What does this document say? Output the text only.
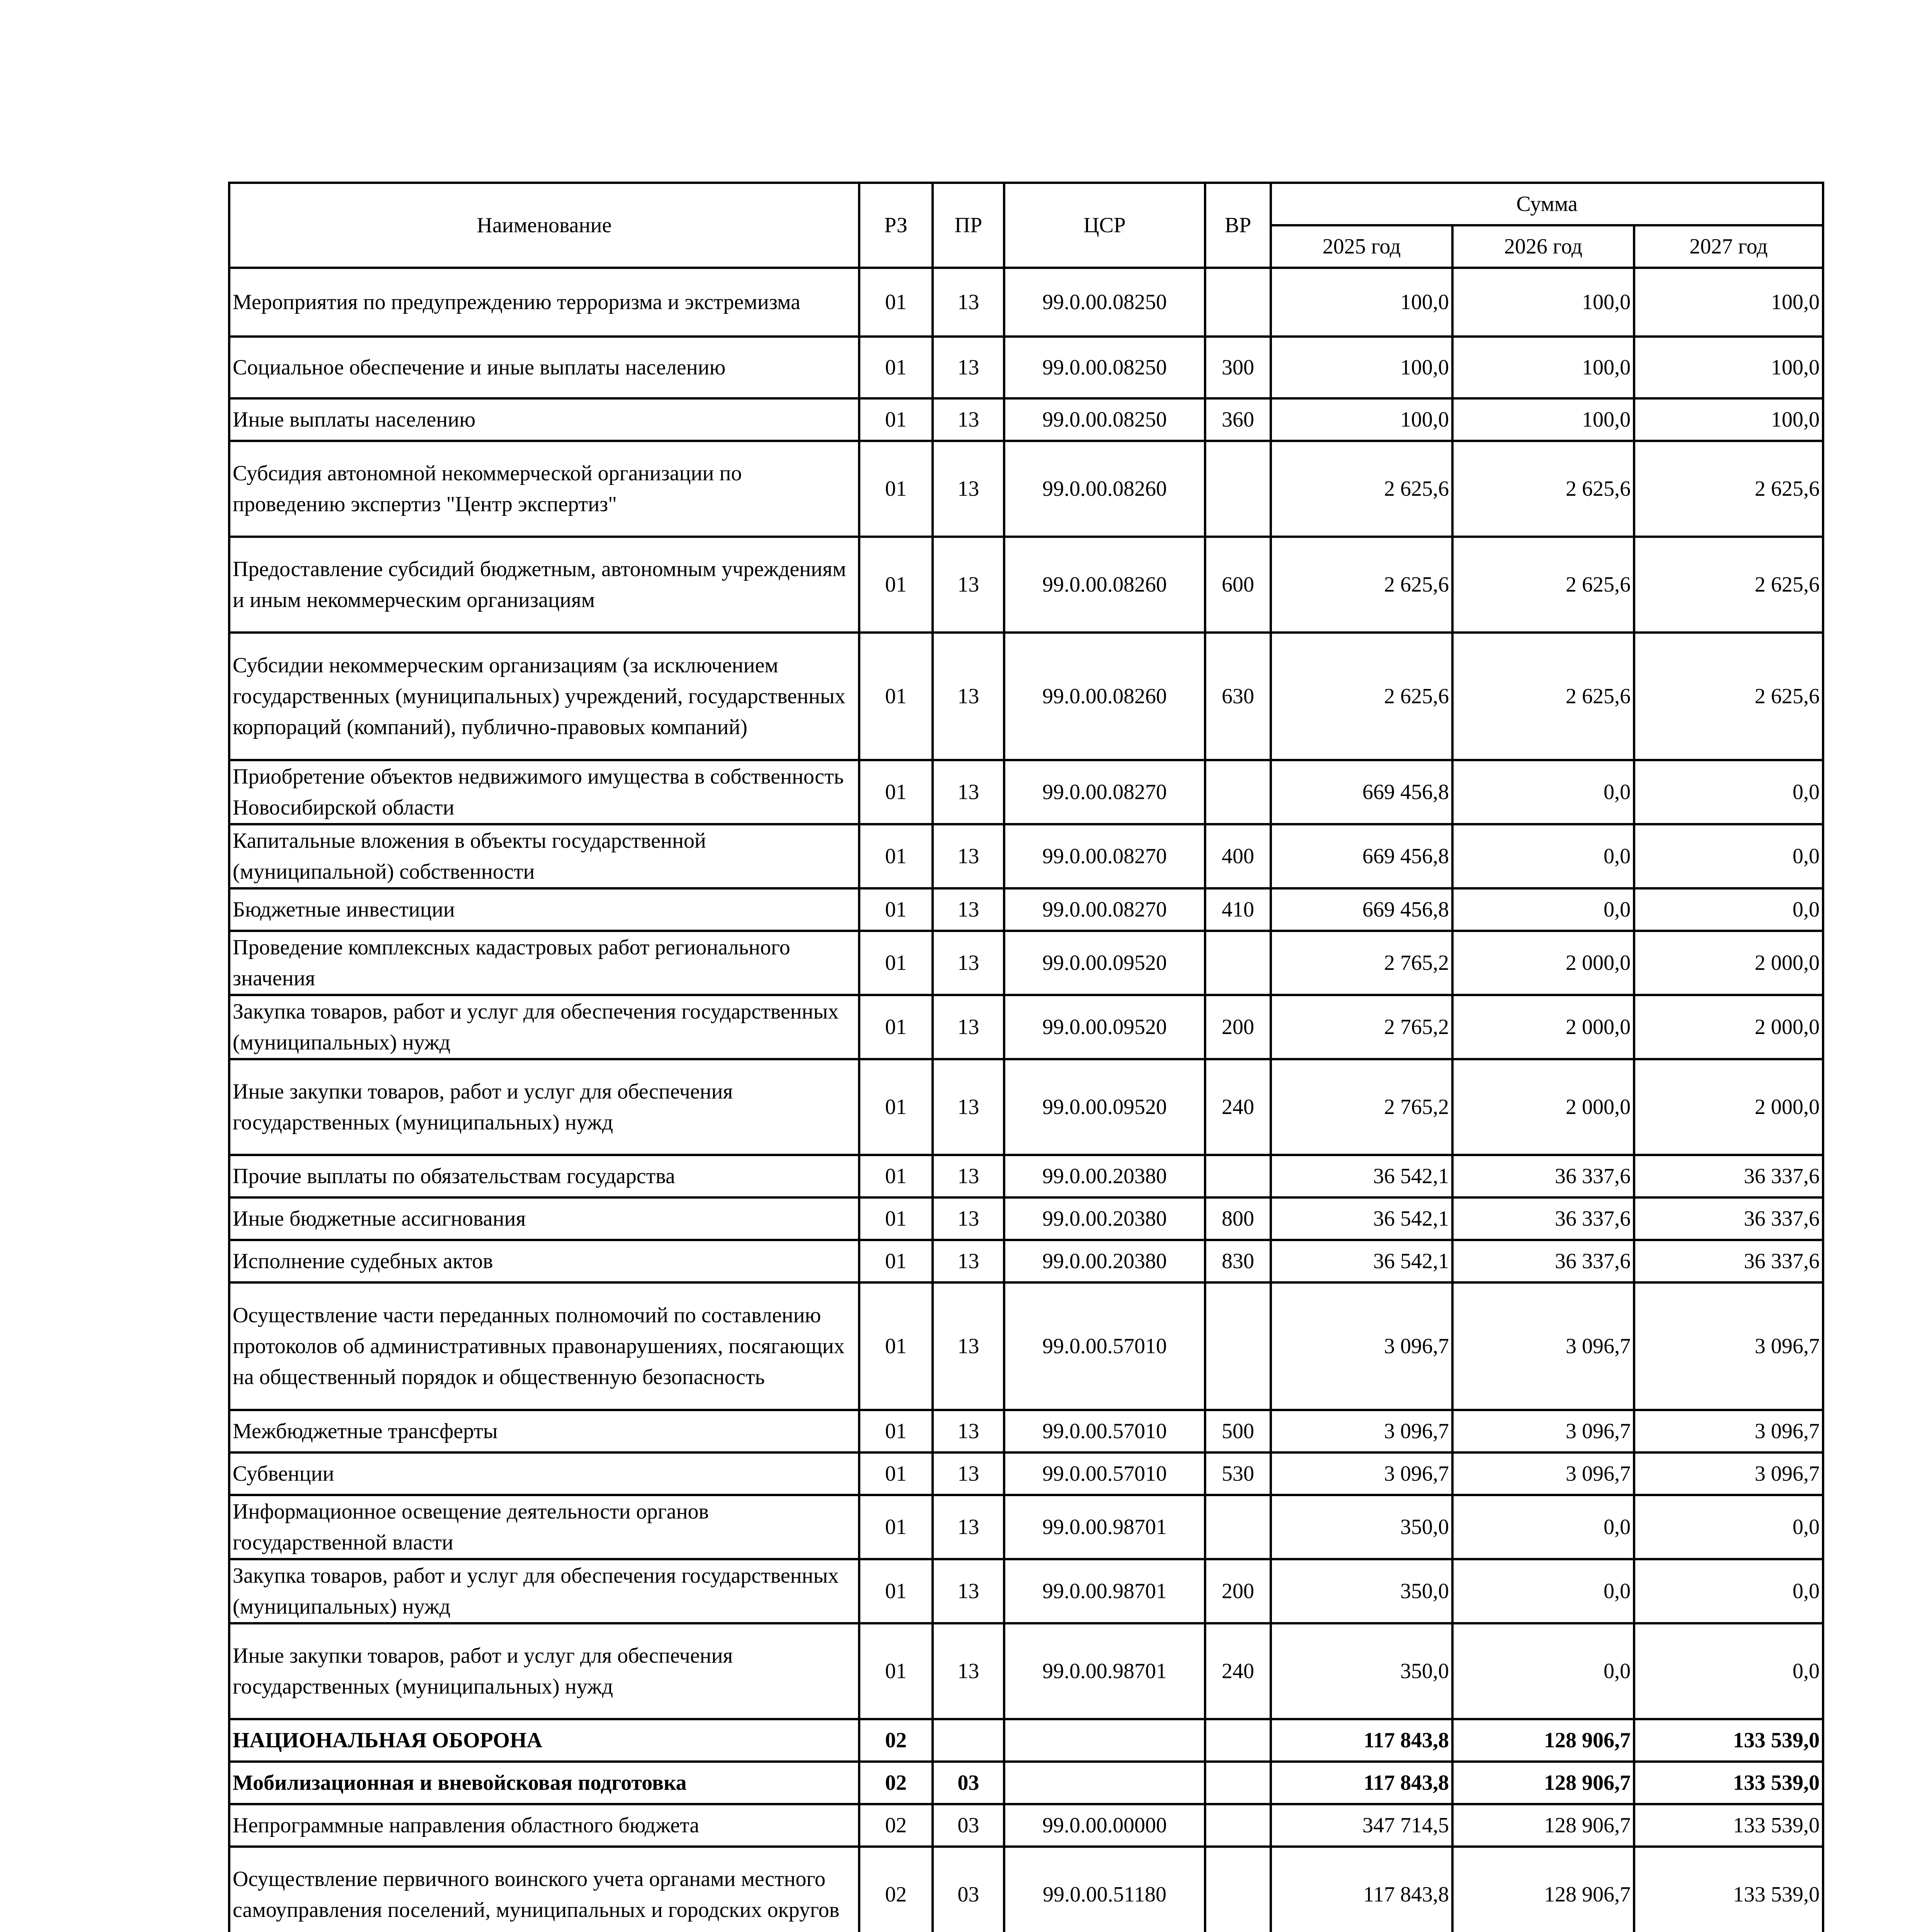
Наименование	РЗ	ПР	ЦСР	ВР	Сумма		
					2025 год	2026 год	2027 год
Мероприятия по предупреждению терроризма и экстремизма	01	13	99.0.00.08250		100,0	100,0	100,0
Социальное обеспечение и иные выплаты населению	01	13	99.0.00.08250	300	100,0	100,0	100,0
Иные выплаты населению	01	13	99.0.00.08250	360	100,0	100,0	100,0
Субсидия автономной некоммерческой организации по проведению экспертиз "Центр экспертиз"	01	13	99.0.00.08260		2 625,6	2 625,6	2 625,6
Предоставление субсидий бюджетным, автономным учреждениям и иным некоммерческим организациям	01	13	99.0.00.08260	600	2 625,6	2 625,6	2 625,6
Субсидии некоммерческим организациям (за исключением государственных (муниципальных) учреждений, государственных корпораций (компаний), публично-правовых компаний)	01	13	99.0.00.08260	630	2 625,6	2 625,6	2 625,6
Приобретение объектов недвижимого имущества в собственность Новосибирской области	01	13	99.0.00.08270		669 456,8	0,0	0,0
Капитальные вложения в объекты государственной (муниципальной) собственности	01	13	99.0.00.08270	400	669 456,8	0,0	0,0
Бюджетные инвестиции	01	13	99.0.00.08270	410	669 456,8	0,0	0,0
Проведение комплексных кадастровых работ регионального значения	01	13	99.0.00.09520		2 765,2	2 000,0	2 000,0
Закупка товаров, работ и услуг для обеспечения государственных (муниципальных) нужд	01	13	99.0.00.09520	200	2 765,2	2 000,0	2 000,0
Иные закупки товаров, работ и услуг для обеспечения государственных (муниципальных) нужд	01	13	99.0.00.09520	240	2 765,2	2 000,0	2 000,0
Прочие выплаты по обязательствам государства	01	13	99.0.00.20380		36 542,1	36 337,6	36 337,6
Иные бюджетные ассигнования	01	13	99.0.00.20380	800	36 542,1	36 337,6	36 337,6
Исполнение судебных актов	01	13	99.0.00.20380	830	36 542,1	36 337,6	36 337,6
Осуществление части переданных полномочий по составлению протоколов об административных правонарушениях, посягающих на общественный порядок и общественную безопасность	01	13	99.0.00.57010		3 096,7	3 096,7	3 096,7
Межбюджетные трансферты	01	13	99.0.00.57010	500	3 096,7	3 096,7	3 096,7
Субвенции	01	13	99.0.00.57010	530	3 096,7	3 096,7	3 096,7
Информационное освещение деятельности органов государственной власти	01	13	99.0.00.98701		350,0	0,0	0,0
Закупка товаров, работ и услуг для обеспечения государственных (муниципальных) нужд	01	13	99.0.00.98701	200	350,0	0,0	0,0
Иные закупки товаров, работ и услуг для обеспечения государственных (муниципальных) нужд	01	13	99.0.00.98701	240	350,0	0,0	0,0
НАЦИОНАЛЬНАЯ ОБОРОНА	02				117 843,8	128 906,7	133 539,0
Мобилизационная и вневойсковая подготовка	02	03			117 843,8	128 906,7	133 539,0
Непрограммные направления областного бюджета	02	03	99.0.00.00000		347 714,5	128 906,7	133 539,0
Осуществление первичного воинского учета органами местного самоуправления поселений, муниципальных и городских округов	02	03	99.0.00.51180		117 843,8	128 906,7	133 539,0
